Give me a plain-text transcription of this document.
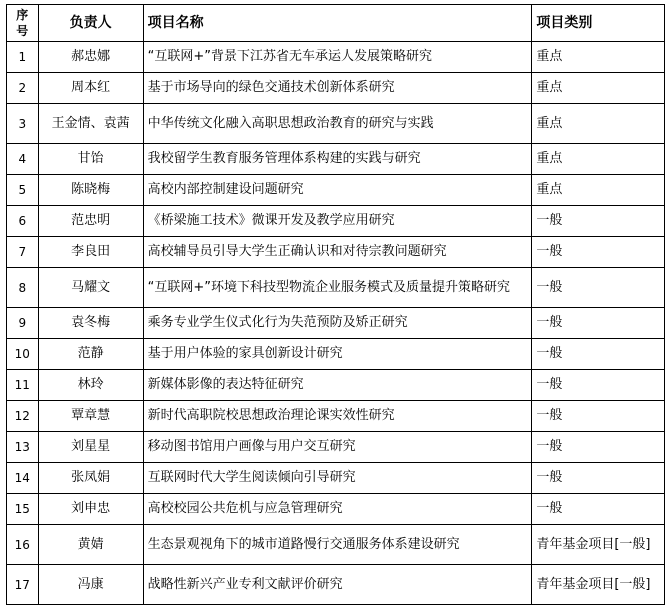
序号	负责人	项目名称	项目类别
1	郝忠娜	“互联网+”背景下江苏省无车承运人发展策略研究	重点
2	周本红	基于市场导向的绿色交通技术创新体系研究	重点
3	王金情、袁茜	中华传统文化融入高职思想政治教育的研究与实践	重点
4	甘饴	我校留学生教育服务管理体系构建的实践与研究	重点
5	陈晓梅	高校内部控制建设问题研究	重点
6	范忠明	《桥梁施工技术》微课开发及教学应用研究	一般
7	李良田	高校辅导员引导大学生正确认识和对待宗教问题研究	一般
8	马耀文	“互联网+”环境下科技型物流企业服务模式及质量提升策略研究	一般
9	袁冬梅	乘务专业学生仪式化行为失范预防及矫正研究	一般
10	范静	基于用户体验的家具创新设计研究	一般
11	林玲	新媒体影像的表达特征研究	一般
12	覃章慧	新时代高职院校思想政治理论课实效性研究	一般
13	刘星星	移动图书馆用户画像与用户交互研究	一般
14	张凤娟	互联网时代大学生阅读倾向引导研究	一般
15	刘申忠	高校校园公共危机与应急管理研究	一般
16	黄婧	生态景观视角下的城市道路慢行交通服务体系建设研究	青年基金项目[一般]
17	冯康	战略性新兴产业专利文献评价研究	青年基金项目[一般]
